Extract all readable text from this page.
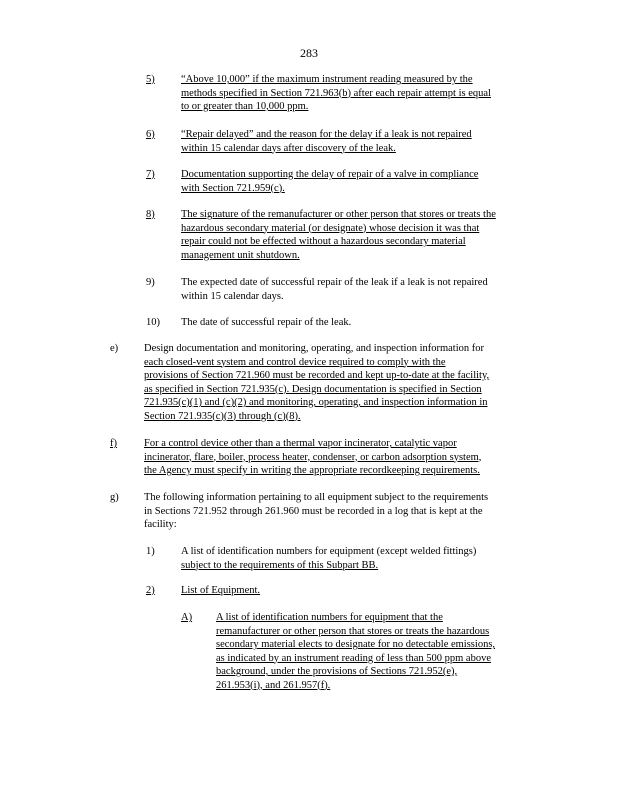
283
5)	“Above 10,000” if the maximum instrument reading measured by the

methods specified in Section 721.963(b) after each repair attempt is equal

to or greater than 10,000 ppm.

6)	“Repair delayed” and the reason for the delay if a leak is not repaired

within 15 calendar days after discovery of the leak.

7)	Documentation supporting the delay of repair of a valve in compliance

with Section 721.959(c).

8)	The signature of the remanufacturer or other person that stores or treats the

hazardous secondary material (or designate) whose decision it was that

repair could not be effected without a hazardous secondary material

management unit shutdown.

9)	The expected date of successful repair of the leak if a leak is not repaired

within 15 calendar days.

10) The date of successful repair of the leak.

e) Design documentation and monitoring, operating, and inspection information for

each closed-vent system and control device required to comply with the

provisions of Section 721.960 must be recorded and kept up-to-date at the facility,

as specified in Section 721.935(c). Design documentation is specified in Section

721.935(c)(1) and (c)(2) and monitoring, operating, and inspection information in

Section 721.935(c)(3) through (c)(8).

f)	For a control device other than a thermal vapor incinerator, catalytic vapor

incinerator, flare, boiler, process heater, condenser, or carbon adsorption system,

the Agency must specify in writing the appropriate recordkeeping requirements.

g) The following information pertaining to all equipment subject to the requirements

in Sections 721.952 through 261.960 must be recorded in a log that is kept at the

facility:

1)	A list of identification numbers for equipment (except welded fittings)

subject to the requirements of this Subpart BB.

2)	List of Equipment.

A) A list of identification numbers for equipment that the

remanufacturer or other person that stores or treats the hazardous

secondary material elects to designate for no detectable emissions,

as indicated by an instrument reading of less than 500 ppm above

background, under the provisions of Sections 721.952(e),

261.953(i), and 261.957(f).
